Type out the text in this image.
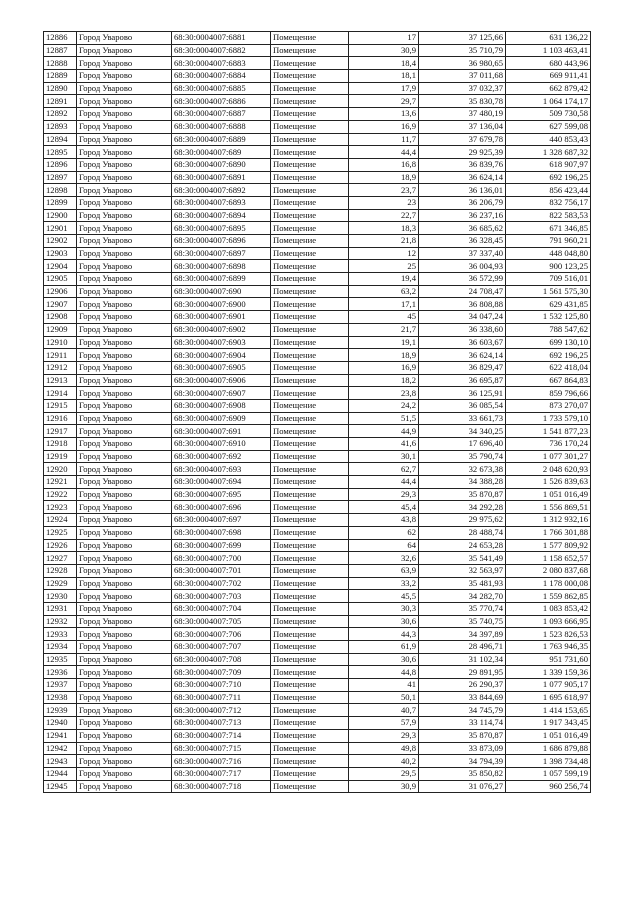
12886	Город Уварово	68:30:0004007:6881	Помещение	17	37 125,66	631 136,22
12887	Город Уварово	68:30:0004007:6882	Помещение	30,9	35 710,79	1 103 463,41
12888	Город Уварово	68:30:0004007:6883	Помещение	18,4	36 980,65	680 443,96
12889	Город Уварово	68:30:0004007:6884	Помещение	18,1	37 011,68	669 911,41
12890	Город Уварово	68:30:0004007:6885	Помещение	17,9	37 032,37	662 879,42
12891	Город Уварово	68:30:0004007:6886	Помещение	29,7	35 830,78	1 064 174,17
12892	Город Уварово	68:30:0004007:6887	Помещение	13,6	37 480,19	509 730,58
12893	Город Уварово	68:30:0004007:6888	Помещение	16,9	37 136,04	627 599,08
12894	Город Уварово	68:30:0004007:6889	Помещение	11,7	37 679,78	440 853,43
12895	Город Уварово	68:30:0004007:689	Помещение	44,4	29 925,39	1 328 687,32
12896	Город Уварово	68:30:0004007:6890	Помещение	16,8	36 839,76	618 907,97
12897	Город Уварово	68:30:0004007:6891	Помещение	18,9	36 624,14	692 196,25
12898	Город Уварово	68:30:0004007:6892	Помещение	23,7	36 136,01	856 423,44
12899	Город Уварово	68:30:0004007:6893	Помещение	23	36 206,79	832 756,17
12900	Город Уварово	68:30:0004007:6894	Помещение	22,7	36 237,16	822 583,53
12901	Город Уварово	68:30:0004007:6895	Помещение	18,3	36 685,62	671 346,85
12902	Город Уварово	68:30:0004007:6896	Помещение	21,8	36 328,45	791 960,21
12903	Город Уварово	68:30:0004007:6897	Помещение	12	37 337,40	448 048,80
12904	Город Уварово	68:30:0004007:6898	Помещение	25	36 004,93	900 123,25
12905	Город Уварово	68:30:0004007:6899	Помещение	19,4	36 572,99	709 516,01
12906	Город Уварово	68:30:0004007:690	Помещение	63,2	24 708,47	1 561 575,30
12907	Город Уварово	68:30:0004007:6900	Помещение	17,1	36 808,88	629 431,85
12908	Город Уварово	68:30:0004007:6901	Помещение	45	34 047,24	1 532 125,80
12909	Город Уварово	68:30:0004007:6902	Помещение	21,7	36 338,60	788 547,62
12910	Город Уварово	68:30:0004007:6903	Помещение	19,1	36 603,67	699 130,10
12911	Город Уварово	68:30:0004007:6904	Помещение	18,9	36 624,14	692 196,25
12912	Город Уварово	68:30:0004007:6905	Помещение	16,9	36 829,47	622 418,04
12913	Город Уварово	68:30:0004007:6906	Помещение	18,2	36 695,87	667 864,83
12914	Город Уварово	68:30:0004007:6907	Помещение	23,8	36 125,91	859 796,66
12915	Город Уварово	68:30:0004007:6908	Помещение	24,2	36 085,54	873 270,07
12916	Город Уварово	68:30:0004007:6909	Помещение	51,5	33 661,73	1 733 579,10
12917	Город Уварово	68:30:0004007:691	Помещение	44,9	34 340,25	1 541 877,23
12918	Город Уварово	68:30:0004007:6910	Помещение	41,6	17 696,40	736 170,24
12919	Город Уварово	68:30:0004007:692	Помещение	30,1	35 790,74	1 077 301,27
12920	Город Уварово	68:30:0004007:693	Помещение	62,7	32 673,38	2 048 620,93
12921	Город Уварово	68:30:0004007:694	Помещение	44,4	34 388,28	1 526 839,63
12922	Город Уварово	68:30:0004007:695	Помещение	29,3	35 870,87	1 051 016,49
12923	Город Уварово	68:30:0004007:696	Помещение	45,4	34 292,28	1 556 869,51
12924	Город Уварово	68:30:0004007:697	Помещение	43,8	29 975,62	1 312 932,16
12925	Город Уварово	68:30:0004007:698	Помещение	62	28 488,74	1 766 301,88
12926	Город Уварово	68:30:0004007:699	Помещение	64	24 653,28	1 577 809,92
12927	Город Уварово	68:30:0004007:700	Помещение	32,6	35 541,49	1 158 652,57
12928	Город Уварово	68:30:0004007:701	Помещение	63,9	32 563,97	2 080 837,68
12929	Город Уварово	68:30:0004007:702	Помещение	33,2	35 481,93	1 178 000,08
12930	Город Уварово	68:30:0004007:703	Помещение	45,5	34 282,70	1 559 862,85
12931	Город Уварово	68:30:0004007:704	Помещение	30,3	35 770,74	1 083 853,42
12932	Город Уварово	68:30:0004007:705	Помещение	30,6	35 740,75	1 093 666,95
12933	Город Уварово	68:30:0004007:706	Помещение	44,3	34 397,89	1 523 826,53
12934	Город Уварово	68:30:0004007:707	Помещение	61,9	28 496,71	1 763 946,35
12935	Город Уварово	68:30:0004007:708	Помещение	30,6	31 102,34	951 731,60
12936	Город Уварово	68:30:0004007:709	Помещение	44,8	29 891,95	1 339 159,36
12937	Город Уварово	68:30:0004007:710	Помещение	41	26 290,37	1 077 905,17
12938	Город Уварово	68:30:0004007:711	Помещение	50,1	33 844,69	1 695 618,97
12939	Город Уварово	68:30:0004007:712	Помещение	40,7	34 745,79	1 414 153,65
12940	Город Уварово	68:30:0004007:713	Помещение	57,9	33 114,74	1 917 343,45
12941	Город Уварово	68:30:0004007:714	Помещение	29,3	35 870,87	1 051 016,49
12942	Город Уварово	68:30:0004007:715	Помещение	49,8	33 873,09	1 686 879,88
12943	Город Уварово	68:30:0004007:716	Помещение	40,2	34 794,39	1 398 734,48
12944	Город Уварово	68:30:0004007:717	Помещение	29,5	35 850,82	1 057 599,19
12945	Город Уварово	68:30:0004007:718	Помещение	30,9	31 076,27	960 256,74
